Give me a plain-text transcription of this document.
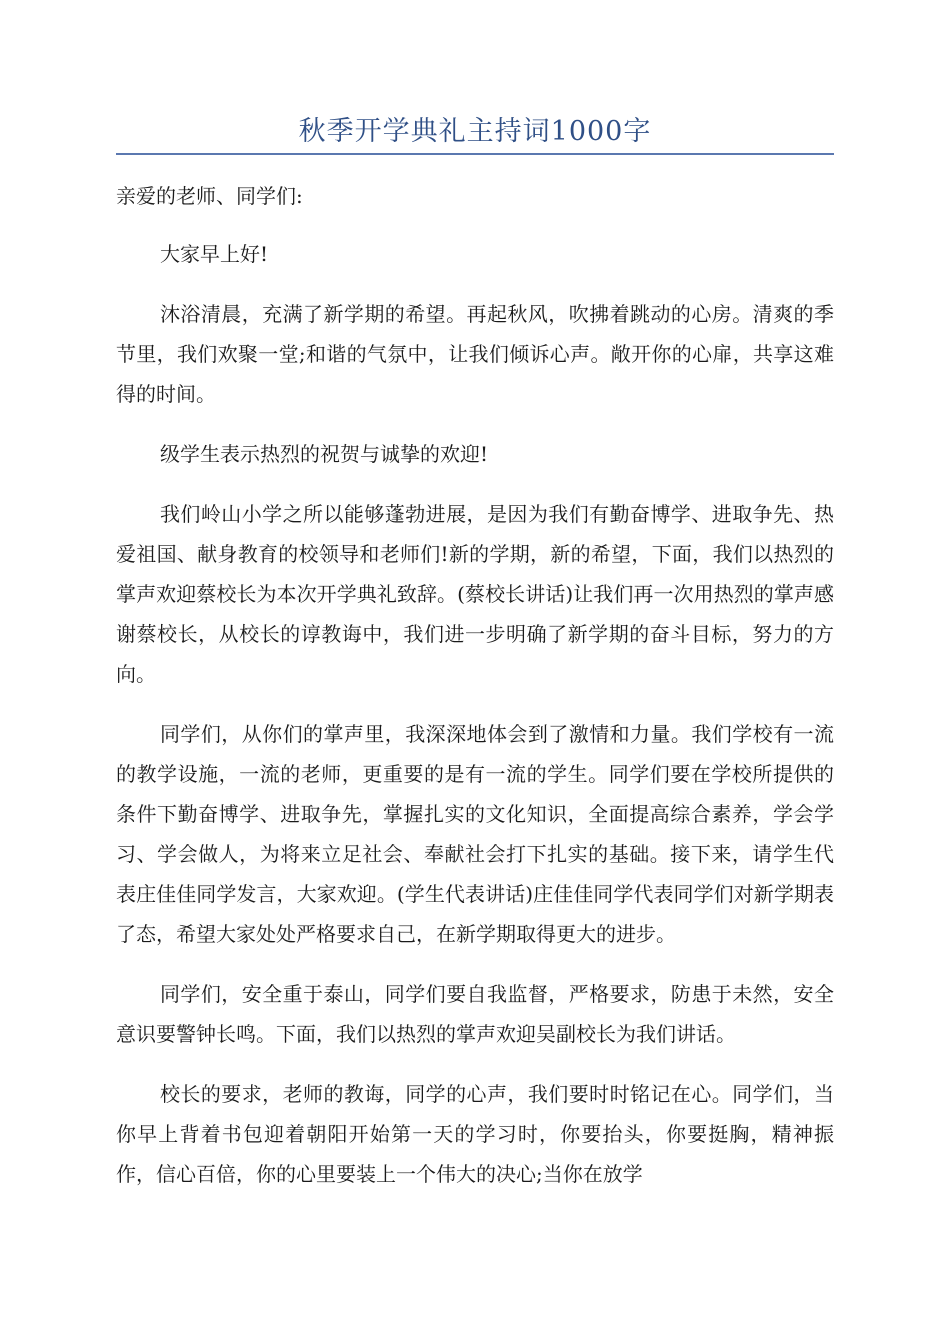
秋季开学典礼主持词1000字

亲爱的老师、同学们:

大家早上好!

沐浴清晨，充满了新学期的希望。再起秋风，吹拂着跳动的心房。清爽的季节里，我们欢聚一堂;和谐的气氛中，让我们倾诉心声。敞开你的心扉，共享这难得的时间。

级学生表示热烈的祝贺与诚挚的欢迎!

我们岭山小学之所以能够蓬勃进展，是因为我们有勤奋博学、进取争先、热爱祖国、献身教育的校领导和老师们!新的学期，新的希望，下面，我们以热烈的掌声欢迎蔡校长为本次开学典礼致辞。(蔡校长讲话)让我们再一次用热烈的掌声感谢蔡校长，从校长的谆教诲中，我们进一步明确了新学期的奋斗目标，努力的方向。

同学们，从你们的掌声里，我深深地体会到了激情和力量。我们学校有一流的教学设施，一流的老师，更重要的是有一流的学生。同学们要在学校所提供的条件下勤奋博学、进取争先，掌握扎实的文化知识，全面提高综合素养，学会学习、学会做人，为将来立足社会、奉献社会打下扎实的基础。接下来，请学生代表庄佳佳同学发言，大家欢迎。(学生代表讲话)庄佳佳同学代表同学们对新学期表了态，希望大家处处严格要求自己，在新学期取得更大的进步。

同学们，安全重于泰山，同学们要自我监督，严格要求，防患于未然，安全意识要警钟长鸣。下面，我们以热烈的掌声欢迎吴副校长为我们讲话。

校长的要求，老师的教诲，同学的心声，我们要时时铭记在心。同学们，当你早上背着书包迎着朝阳开始第一天的学习时，你要抬头，你要挺胸，精神振作，信心百倍，你的心里要装上一个伟大的决心;当你在放学
